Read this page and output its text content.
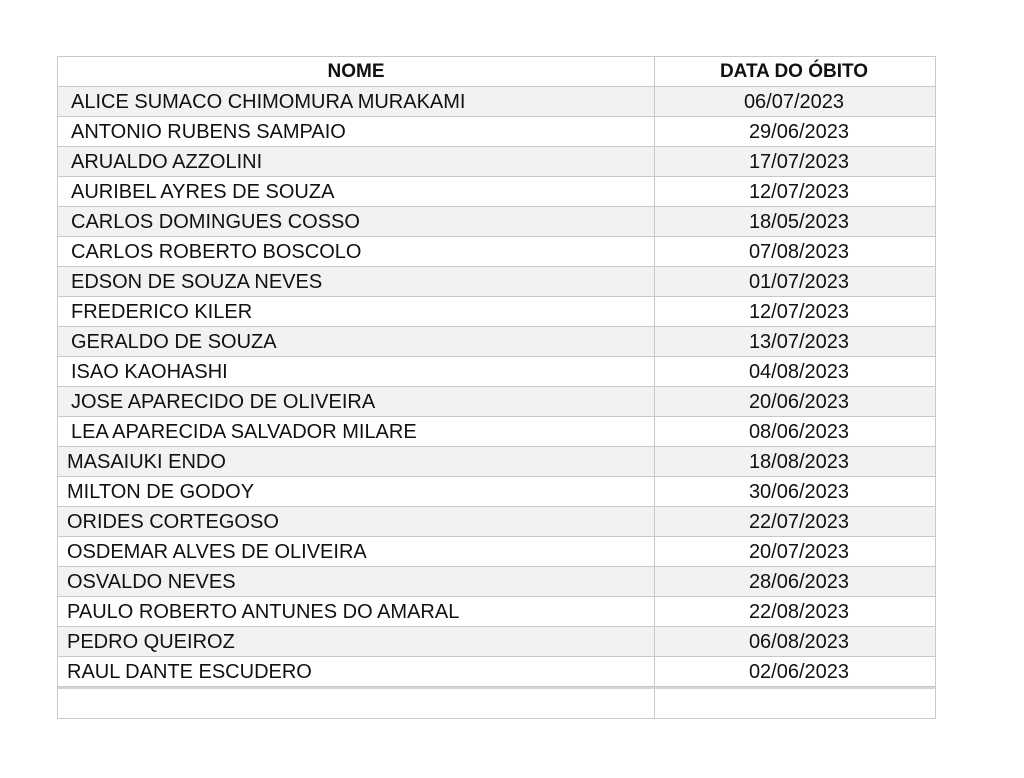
NOME	DATA DO ÓBITO
ALICE SUMACO CHIMOMURA MURAKAMI	06/07/2023
ANTONIO RUBENS SAMPAIO	29/06/2023
ARUALDO AZZOLINI	17/07/2023
AURIBEL AYRES DE SOUZA	12/07/2023
CARLOS DOMINGUES COSSO	18/05/2023
CARLOS ROBERTO BOSCOLO	07/08/2023
EDSON DE SOUZA NEVES	01/07/2023
FREDERICO KILER	12/07/2023
GERALDO DE SOUZA	13/07/2023
ISAO KAOHASHI	04/08/2023
JOSE APARECIDO DE OLIVEIRA	20/06/2023
LEA APARECIDA SALVADOR MILARE	08/06/2023
MASAIUKI ENDO	18/08/2023
MILTON DE GODOY	30/06/2023
ORIDES CORTEGOSO	22/07/2023
OSDEMAR ALVES DE OLIVEIRA	20/07/2023
OSVALDO NEVES	28/06/2023
PAULO ROBERTO ANTUNES DO AMARAL	22/08/2023
PEDRO QUEIROZ	06/08/2023
RAUL DANTE ESCUDERO	02/06/2023
